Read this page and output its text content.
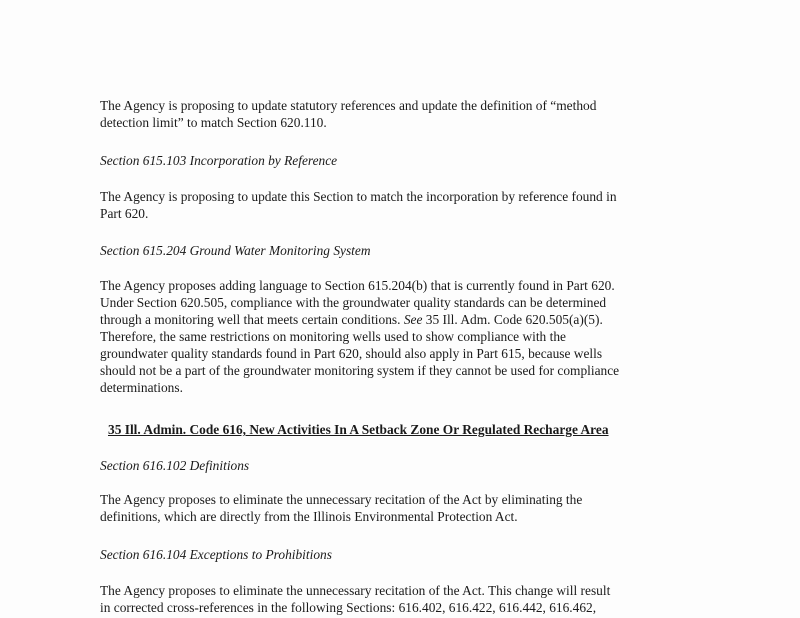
The Agency is proposing to update statutory references and update the definition of “method
detection limit” to match Section 620.110.

Section 615.103 Incorporation by Reference

The Agency is proposing to update this Section to match the incorporation by reference found in
Part 620.

Section 615.204 Ground Water Monitoring System

The Agency proposes adding language to Section 615.204(b) that is currently found in Part 620.
Under Section 620.505, compliance with the groundwater quality standards can be determined
through a monitoring well that meets certain conditions. See 35 Ill. Adm. Code 620.505(a)(5).
Therefore, the same restrictions on monitoring wells used to show compliance with the
groundwater quality standards found in Part 620, should also apply in Part 615, because wells
should not be a part of the groundwater monitoring system if they cannot be used for compliance
determinations.

35 Ill. Admin. Code 616, New Activities In A Setback Zone Or Regulated Recharge Area

Section 616.102 Definitions

The Agency proposes to eliminate the unnecessary recitation of the Act by eliminating the
definitions, which are directly from the Illinois Environmental Protection Act.

Section 616.104 Exceptions to Prohibitions

The Agency proposes to eliminate the unnecessary recitation of the Act. This change will result
in corrected cross-references in the following Sections: 616.402, 616.422, 616.442, 616.462,
